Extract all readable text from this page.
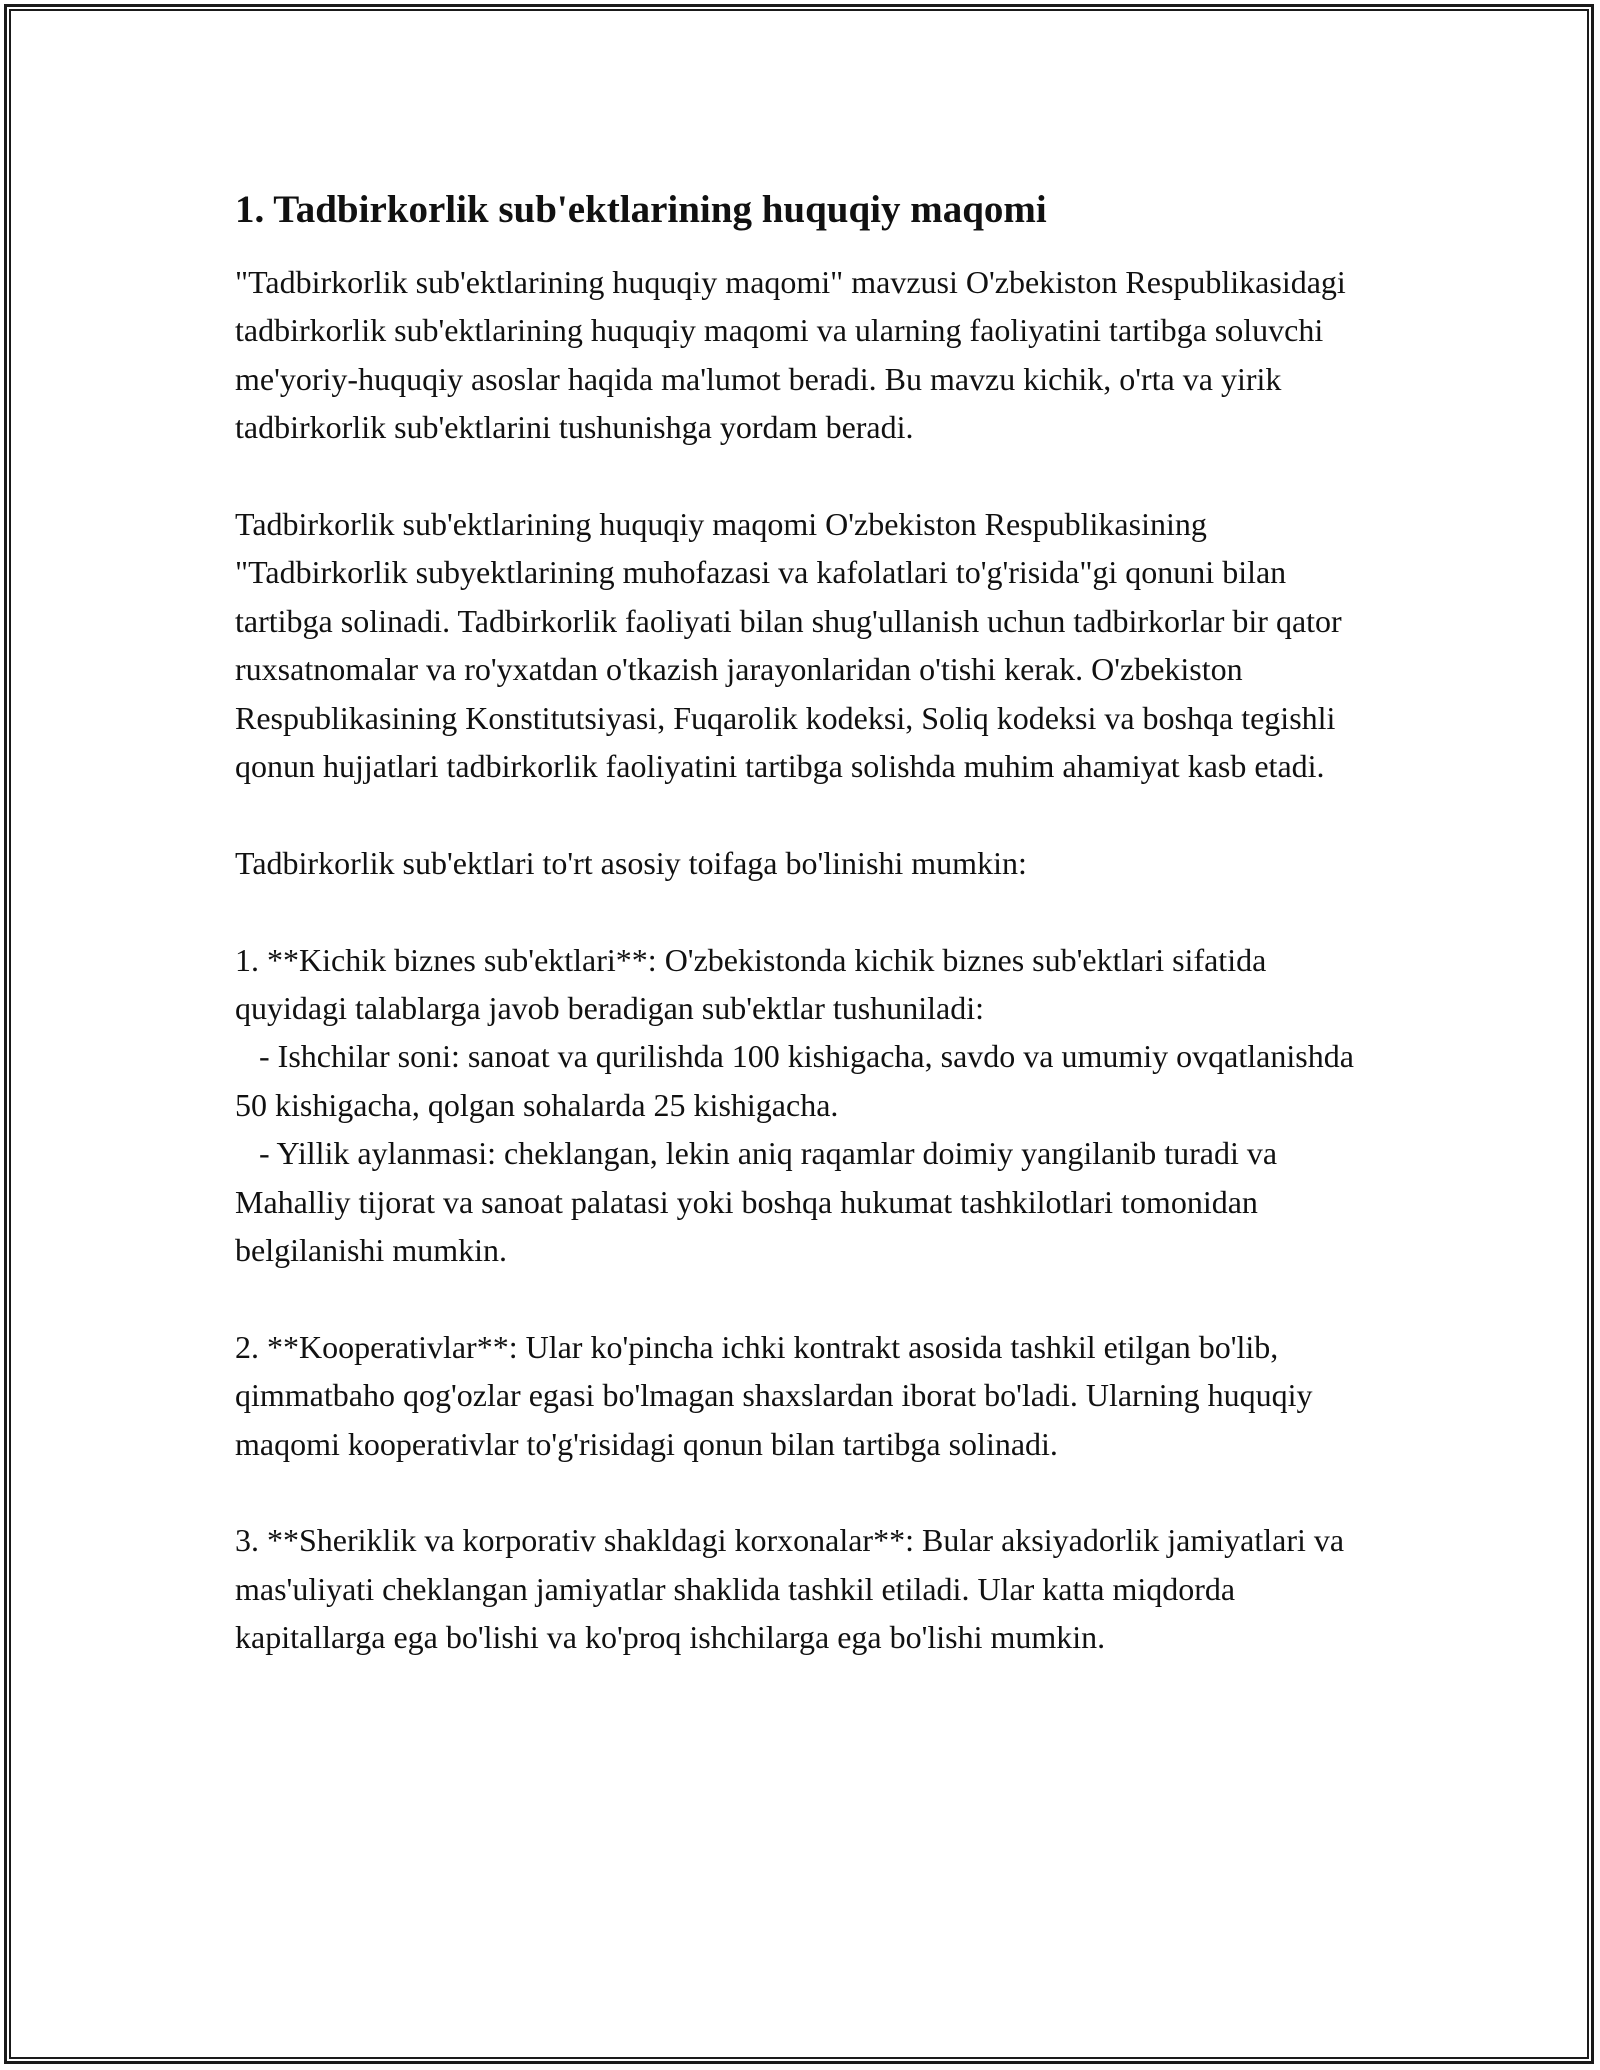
1. Tadbirkorlik sub'ektlarining huquqiy maqomi

"Tadbirkorlik sub'ektlarining huquqiy maqomi" mavzusi O'zbekiston Respublikasidagi tadbirkorlik sub'ektlarining huquqiy maqomi va ularning faoliyatini tartibga soluvchi me'yoriy-huquqiy asoslar haqida ma'lumot beradi. Bu mavzu kichik, o'rta va yirik tadbirkorlik sub'ektlarini tushunishga yordam beradi.

Tadbirkorlik sub'ektlarining huquqiy maqomi O'zbekiston Respublikasining "Tadbirkorlik subyektlarining muhofazasi va kafolatlari to'g'risida"gi qonuni bilan tartibga solinadi. Tadbirkorlik faoliyati bilan shug'ullanish uchun tadbirkorlar bir qator ruxsatnomalar va ro'yxatdan o'tkazish jarayonlaridan o'tishi kerak. O'zbekiston Respublikasining Konstitutsiyasi, Fuqarolik kodeksi, Soliq kodeksi va boshqa tegishli qonun hujjatlari tadbirkorlik faoliyatini tartibga solishda muhim ahamiyat kasb etadi.

Tadbirkorlik sub'ektlari to'rt asosiy toifaga bo'linishi mumkin:

1. **Kichik biznes sub'ektlari**: O'zbekistonda kichik biznes sub'ektlari sifatida quyidagi talablarga javob beradigan sub'ektlar tushuniladi:

- Ishchilar soni: sanoat va qurilishda 100 kishigacha, savdo va umumiy ovqatlanishda 50 kishigacha, qolgan sohalarda 25 kishigacha.

- Yillik aylanmasi: cheklangan, lekin aniq raqamlar doimiy yangilanib turadi va Mahalliy tijorat va sanoat palatasi yoki boshqa hukumat tashkilotlari tomonidan belgilanishi mumkin.

2. **Kooperativlar**: Ular ko'pincha ichki kontrakt asosida tashkil etilgan bo'lib, qimmatbaho qog'ozlar egasi bo'lmagan shaxslardan iborat bo'ladi. Ularning huquqiy maqomi kooperativlar to'g'risidagi qonun bilan tartibga solinadi.

3. **Sheriklik va korporativ shakldagi korxonalar**: Bular aksiyadorlik jamiyatlari va mas'uliyati cheklangan jamiyatlar shaklida tashkil etiladi. Ular katta miqdorda kapitallarga ega bo'lishi va ko'proq ishchilarga ega bo'lishi mumkin.
